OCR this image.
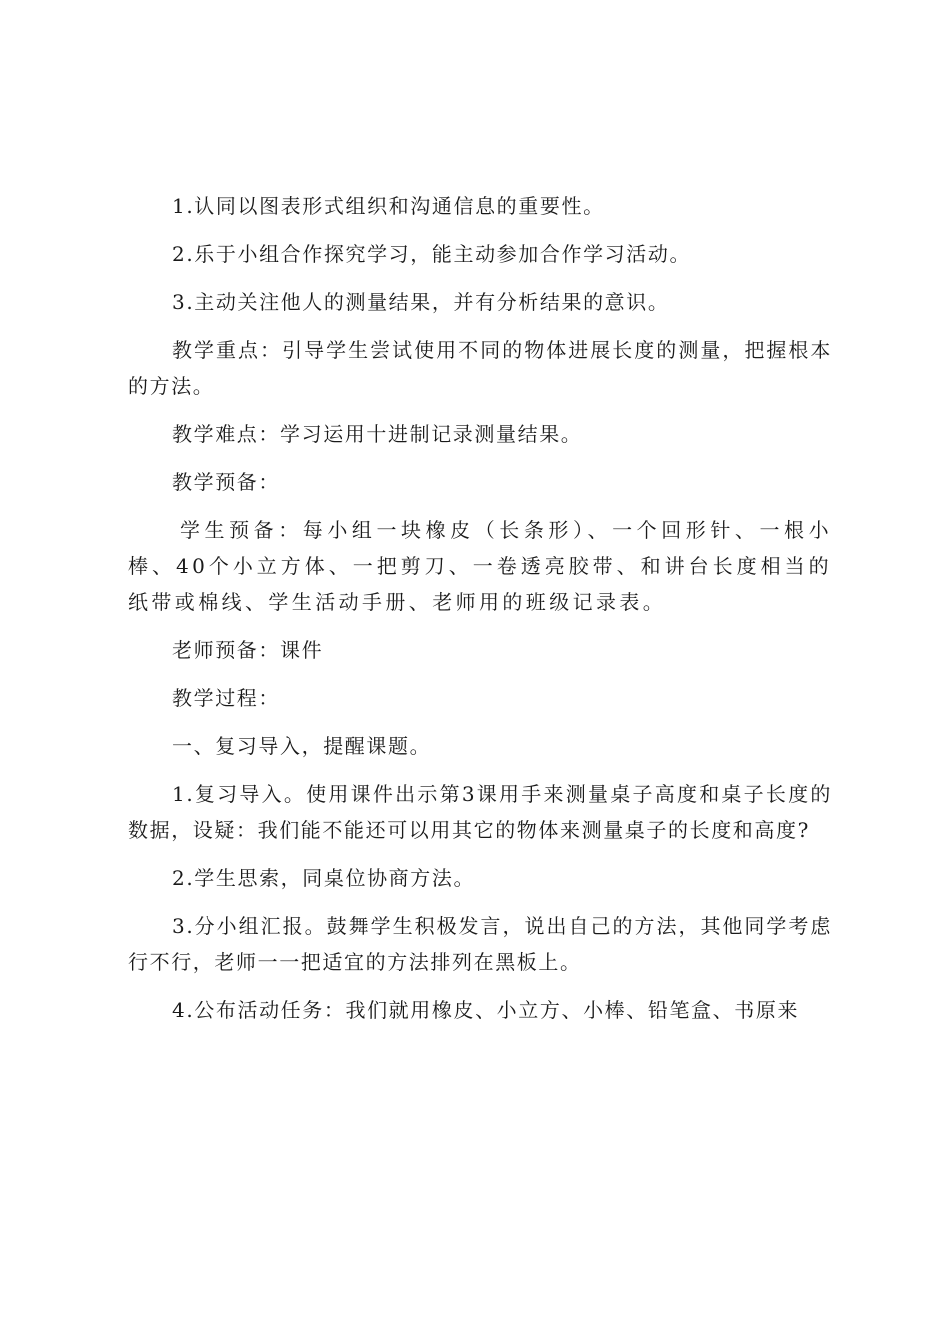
1.认同以图表形式组织和沟通信息的重要性。

2.乐于小组合作探究学习，能主动参加合作学习活动。

3.主动关注他人的测量结果，并有分析结果的意识。

教学重点：引导学生尝试使用不同的物体进展长度的测量，把握根本的方法。

教学难点：学习运用十进制记录测量结果。

教学预备：

学生预备：每小组一块橡皮（长条形）、一个回形针、一根小棒、40个小立方体、一把剪刀、一卷透亮胶带、和讲台长度相当的纸带或棉线、学生活动手册、老师用的班级记录表。

老师预备：课件

教学过程：

一、复习导入，提醒课题。

1.复习导入。使用课件出示第3课用手来测量桌子高度和桌子长度的数据，设疑：我们能不能还可以用其它的物体来测量桌子的长度和高度?

2.学生思索，同桌位协商方法。

3.分小组汇报。鼓舞学生积极发言，说出自己的方法，其他同学考虑行不行，老师一一把适宜的方法排列在黑板上。

4.公布活动任务：我们就用橡皮、小立方、小棒、铅笔盒、书原来
